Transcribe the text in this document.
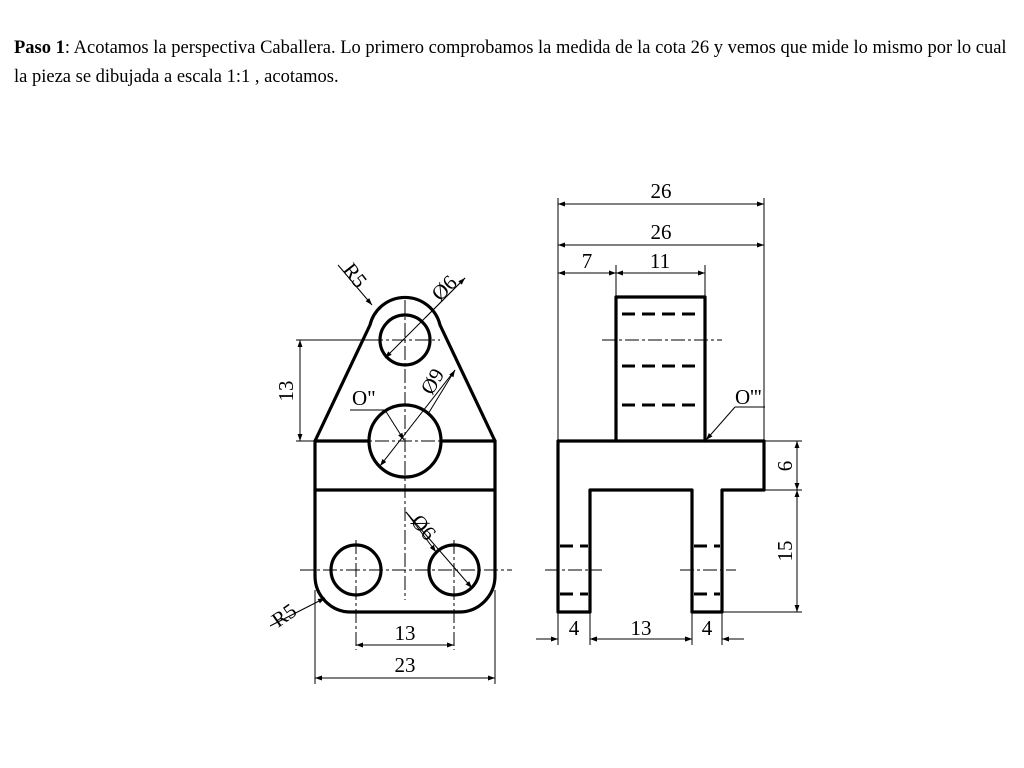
Paso 1: Acotamos la perspectiva Caballera. Lo primero comprobamos la medida de la cota 26 y vemos que mide lo mismo por lo cual la pieza se dibujada a escala 1:1 , acotamos.
13
R5	Ø6
Ø9
O"
Ø6
R5
13
23
O'''
26
26
7	11
6
15
4 13 4
